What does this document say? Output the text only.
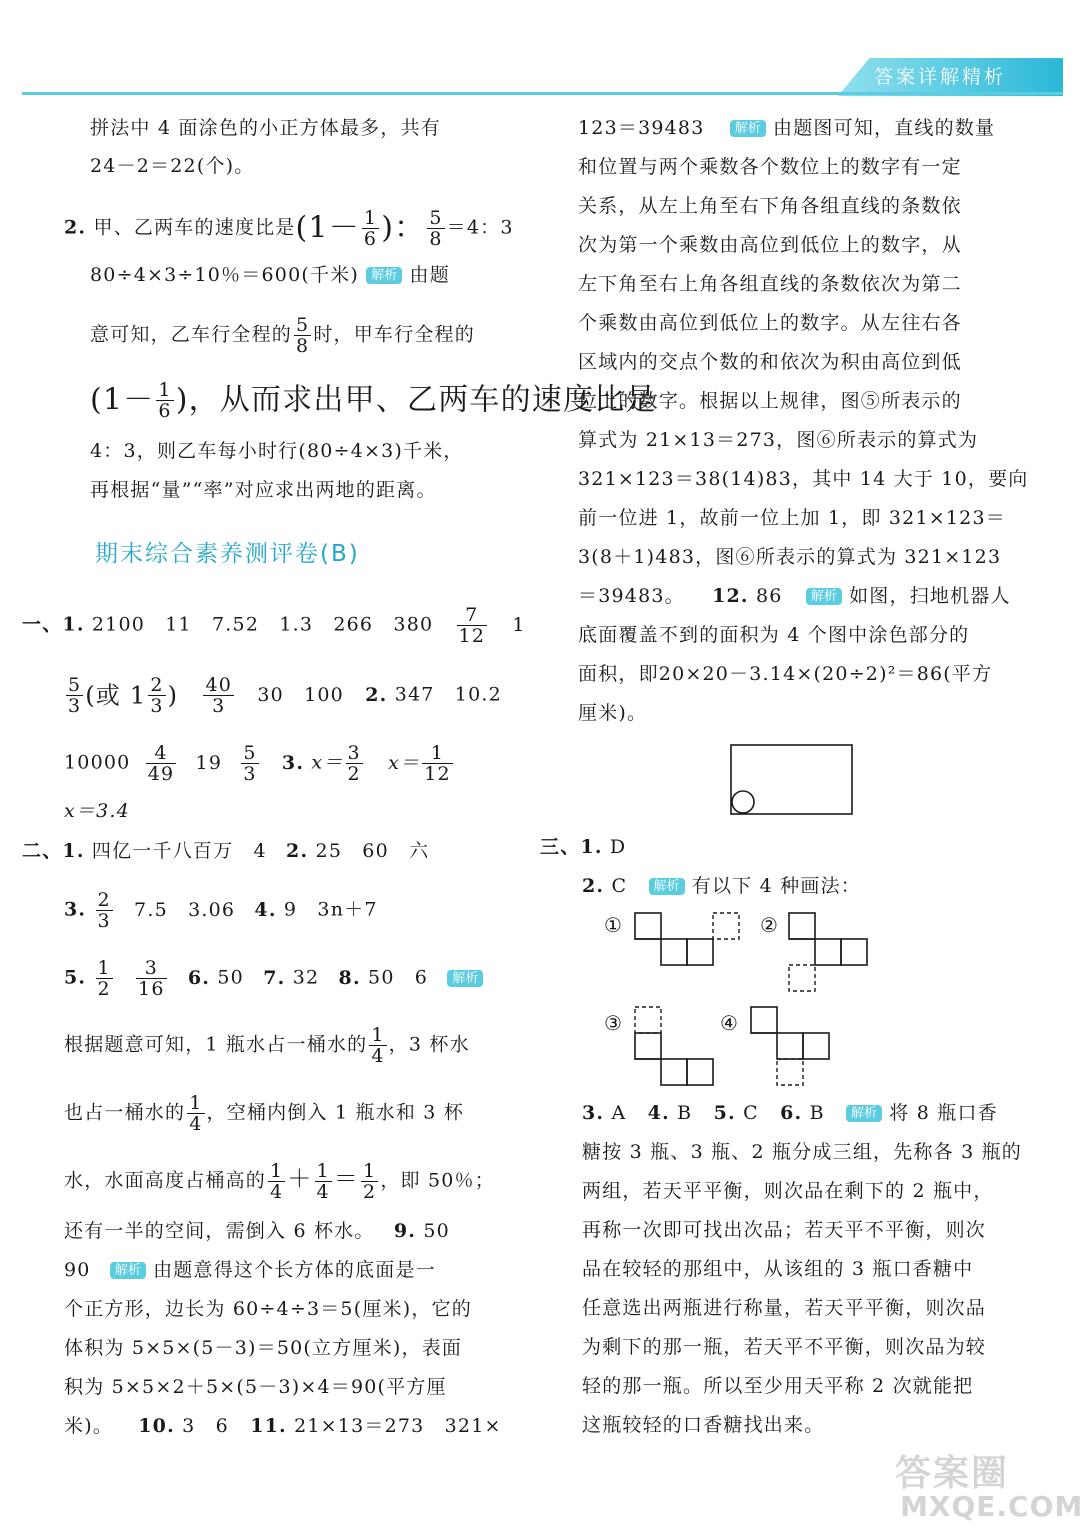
答案详解精析
拼法中 4 面涂色的小正方体最多，共有
24－2＝22(个)。
2. 甲、乙两车的速度比是($1- \frac{1}{6}$ )： $\frac{5}{8} =4$：3
80÷4×3÷10％＝600(千米) 解析 由题
意可知，乙车行全程的 $\frac{5}{8}$ 时，甲车行全程的
($1- \frac{1}{6}$ )，从而求出甲、乙两车的速度比是
4：3，则乙车每小时行(80÷4×3)千米，
再根据“量”“率”对应求出两地的距离。
期末综合素养测评卷(B)
一、1. 2100　11　7.52　1.3　266　$380 \frac{7}{12} 1$
$\frac{5}{3}$ (或 $1 \frac{2}{3}$ ) $\frac{40}{3} 30$　100 2. 347　10.2
$10000 \frac{4}{49} 19 \frac{5}{3} 3$. $x= \frac{3}{2} x= \frac{1}{12}$
x＝3.4
二、1. 四亿一千八百万　4 2. 25　60　六
3. $\frac{2}{3} 7.5$　3.06 4. 9　3n＋7
5. $\frac{1}{2}$
$\frac{3}{16} 6$. 50 7. 32 8. 50　6 解析
根据题意可知，1 瓶水占一桶水的 $\frac{1}{4}$ ，3 杯水
也占一桶水的 $\frac{1}{4}$ ，空桶内倒入 1 瓶水和 3 杯
水，水面高度占桶高的 $\frac{1}{4} + \frac{1}{4} = \frac{1}{2}$ ，即 50％；
还有一半的空间，需倒入 6 杯水。 9. 50
90 解析 由题意得这个长方体的底面是一
个正方形，边长为 60÷4÷3＝5(厘米)，它的
体积为 5×5×(5－3)＝50(立方厘米)，表面
积为 5×5×2＋5×(5－3)×4＝90(平方厘
米)。 10. 3　6 11. 21×13＝273　321×
123＝39483 解析 由题图可知，直线的数量
和位置与两个乘数各个数位上的数字有一定
关系，从左上角至右下角各组直线的条数依
次为第一个乘数由高位到低位上的数字，从
左下角至右上角各组直线的条数依次为第二
个乘数由高位到低位上的数字。从左往右各
区域内的交点个数的和依次为积由高位到低
位上的数字。根据以上规律，图⑤所表示的
算式为 21×13＝273，图⑥所表示的算式为
321×123＝38(14)83，其中 14 大于 10，要向
前一位进 1，故前一位上加 1，即 321×123＝
3(8＋1)483，图⑥所表示的算式为 321×123
＝39483。 12. 86 解析 如图，扫地机器人
底面覆盖不到的面积为 4 个图中涂色部分的
面积，即20×20－3.14×(20÷2)²＝86(平方
厘米)。
三、1. D
2. C 解析 有以下 4 种画法：
①	②
③	④
3. A 4. B 5. C 6. B 解析 将 8 瓶口香
糖按 3 瓶、3 瓶、2 瓶分成三组，先称各 3 瓶的
两组，若天平平衡，则次品在剩下的 2 瓶中，
再称一次即可找出次品；若天平不平衡，则次
品在较轻的那组中，从该组的 3 瓶口香糖中
任意选出两瓶进行称量，若天平平衡，则次品
为剩下的那一瓶，若天平不平衡，则次品为较
轻的那一瓶。所以至少用天平称 2 次就能把
这瓶较轻的口香糖找出来。
答案圈
MXQE.COM
